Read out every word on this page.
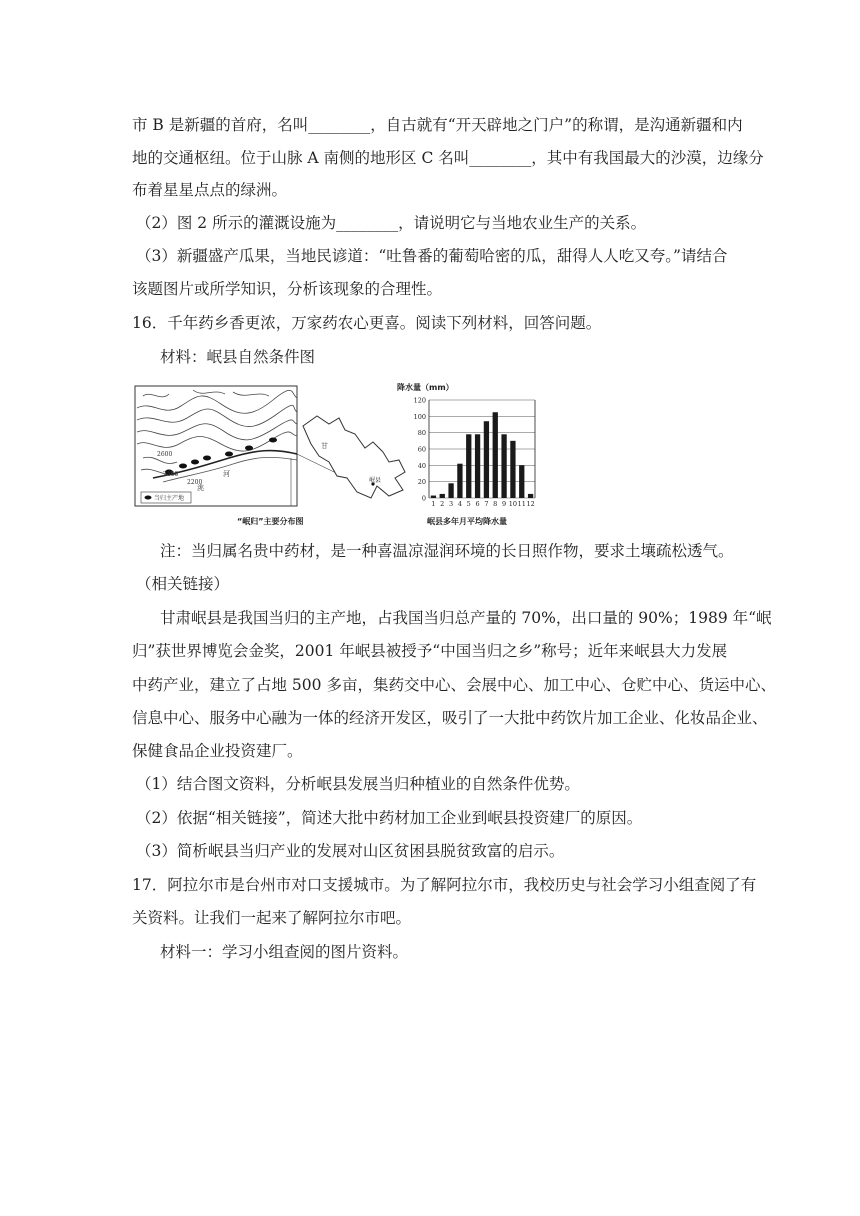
市 B 是新疆的首府，名叫________，自古就有“开天辟地之门户”的称谓，是沟通新疆和内
地的交通枢纽。位于山脉 A 南侧的地形区 C 名叫________，其中有我国最大的沙漠，边缘分
布着星星点点的绿洲。
（2）图 2 所示的灌溉设施为________，请说明它与当地农业生产的关系。
（3）新疆盛产瓜果，当地民谚道：“吐鲁番的葡萄哈密的瓜，甜得人人吃又夸。”请结合
该题图片或所学知识，分析该现象的合理性。
16．千年药乡香更浓，万家药农心更喜。阅读下列材料，回答问题。
材料：岷县自然条件图
2600
2400
2200
洮
河
当归主产地
甘
岷县
“岷归”主要分布图
降水量（mm）
岷县多年月平均降水量
0
20
40
60
80
100
120
1 2 3 4 5 6 7 8 9 10 11 12
注：当归属名贵中药材，是一种喜温凉湿润环境的长日照作物，要求土壤疏松透气。
（相关链接）
甘肃岷县是我国当归的主产地，占我国当归总产量的 70%，出口量的 90%；1989 年“岷
归”获世界博览会金奖，2001 年岷县被授予“中国当归之乡”称号；近年来岷县大力发展
中药产业，建立了占地 500 多亩，集药交中心、会展中心、加工中心、仓贮中心、货运中心、
信息中心、服务中心融为一体的经济开发区，吸引了一大批中药饮片加工企业、化妆品企业、
保健食品企业投资建厂。
（1）结合图文资料，分析岷县发展当归种植业的自然条件优势。
（2）依据“相关链接”，简述大批中药材加工企业到岷县投资建厂的原因。
（3）简析岷县当归产业的发展对山区贫困县脱贫致富的启示。
17．阿拉尔市是台州市对口支援城市。为了解阿拉尔市，我校历史与社会学习小组查阅了有
关资料。让我们一起来了解阿拉尔市吧。
材料一：学习小组查阅的图片资料。
